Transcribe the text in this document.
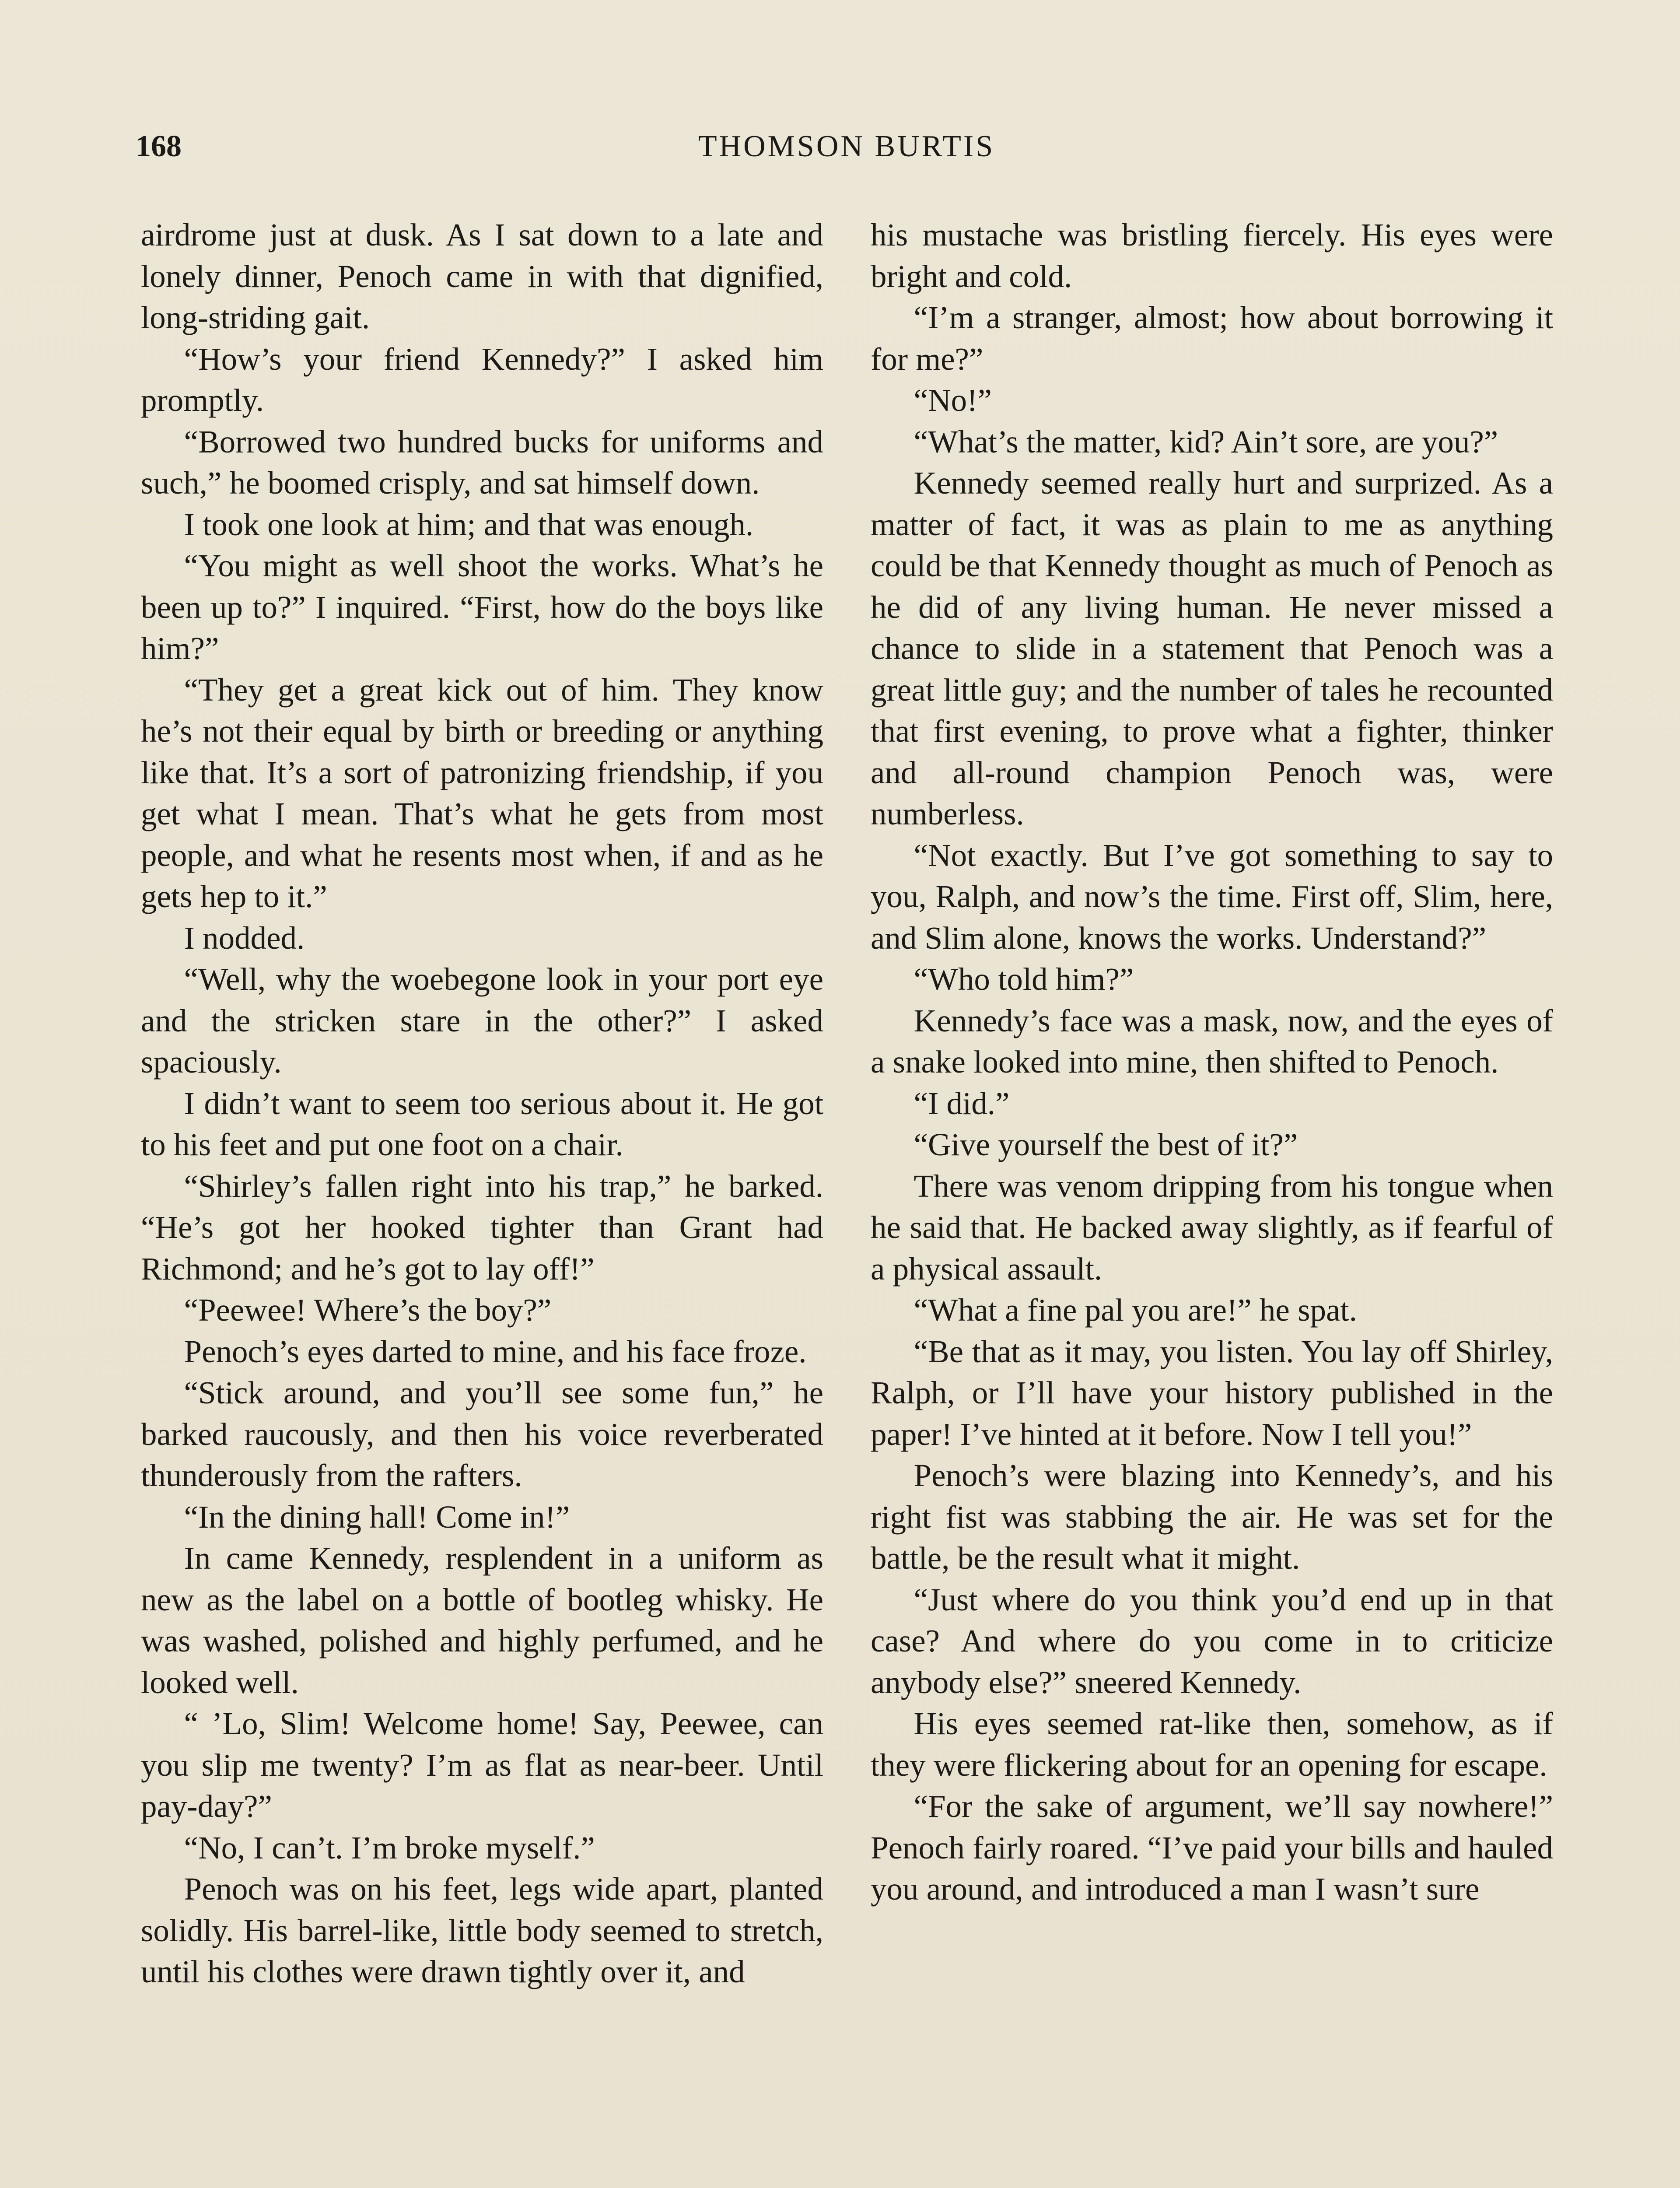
168	THOMSON BURTIS

airdrome just at dusk. As I sat down to a late and lonely dinner, Penoch came in with that dignified, long-striding gait.

“How’s your friend Kennedy?” I asked him promptly.

“Borrowed two hundred bucks for uniforms and such,” he boomed crisply, and sat himself down.

I took one look at him; and that was enough.

“You might as well shoot the works. What’s he been up to?” I inquired. “First, how do the boys like him?”

“They get a great kick out of him. They know he’s not their equal by birth or breeding or anything like that. It’s a sort of patronizing friendship, if you get what I mean. That’s what he gets from most people, and what he resents most when, if and as he gets hep to it.”

I nodded.

“Well, why the woebegone look in your port eye and the stricken stare in the other?” I asked spaciously.

I didn’t want to seem too serious about it. He got to his feet and put one foot on a chair.

“Shirley’s fallen right into his trap,” he barked. “He’s got her hooked tighter than Grant had Richmond; and he’s got to lay off!”

“Peewee! Where’s the boy?”

Penoch’s eyes darted to mine, and his face froze.

“Stick around, and you’ll see some fun,” he barked raucously, and then his voice reverberated thunderously from the rafters.

“In the dining hall! Come in!”

In came Kennedy, resplendent in a uniform as new as the label on a bottle of bootleg whisky. He was washed, polished and highly perfumed, and he looked well.

“ ’Lo, Slim! Welcome home! Say, Peewee, can you slip me twenty? I’m as flat as near-beer. Until pay-day?”

“No, I can’t. I’m broke myself.”

Penoch was on his feet, legs wide apart, planted solidly. His barrel-like, little body seemed to stretch, until his clothes were drawn tightly over it, and

his mustache was bristling fiercely. His eyes were bright and cold.

“I’m a stranger, almost; how about borrowing it for me?”

“No!”

“What’s the matter, kid? Ain’t sore, are you?”

Kennedy seemed really hurt and surprized. As a matter of fact, it was as plain to me as anything could be that Kennedy thought as much of Penoch as he did of any living human. He never missed a chance to slide in a statement that Penoch was a great little guy; and the number of tales he recounted that first evening, to prove what a fighter, thinker and all-round champion Penoch was, were numberless.

“Not exactly. But I’ve got something to say to you, Ralph, and now’s the time. First off, Slim, here, and Slim alone, knows the works. Understand?”

“Who told him?”

Kennedy’s face was a mask, now, and the eyes of a snake looked into mine, then shifted to Penoch.

“I did.”

“Give yourself the best of it?”

There was venom dripping from his tongue when he said that. He backed away slightly, as if fearful of a physical assault.

“What a fine pal you are!” he spat.

“Be that as it may, you listen. You lay off Shirley, Ralph, or I’ll have your history published in the paper! I’ve hinted at it before. Now I tell you!”

Penoch’s were blazing into Kennedy’s, and his right fist was stabbing the air. He was set for the battle, be the result what it might.

“Just where do you think you’d end up in that case? And where do you come in to criticize anybody else?” sneered Kennedy.

His eyes seemed rat-like then, somehow, as if they were flickering about for an opening for escape.

“For the sake of argument, we’ll say nowhere!” Penoch fairly roared. “I’ve paid your bills and hauled you around, and introduced a man I wasn’t sure
